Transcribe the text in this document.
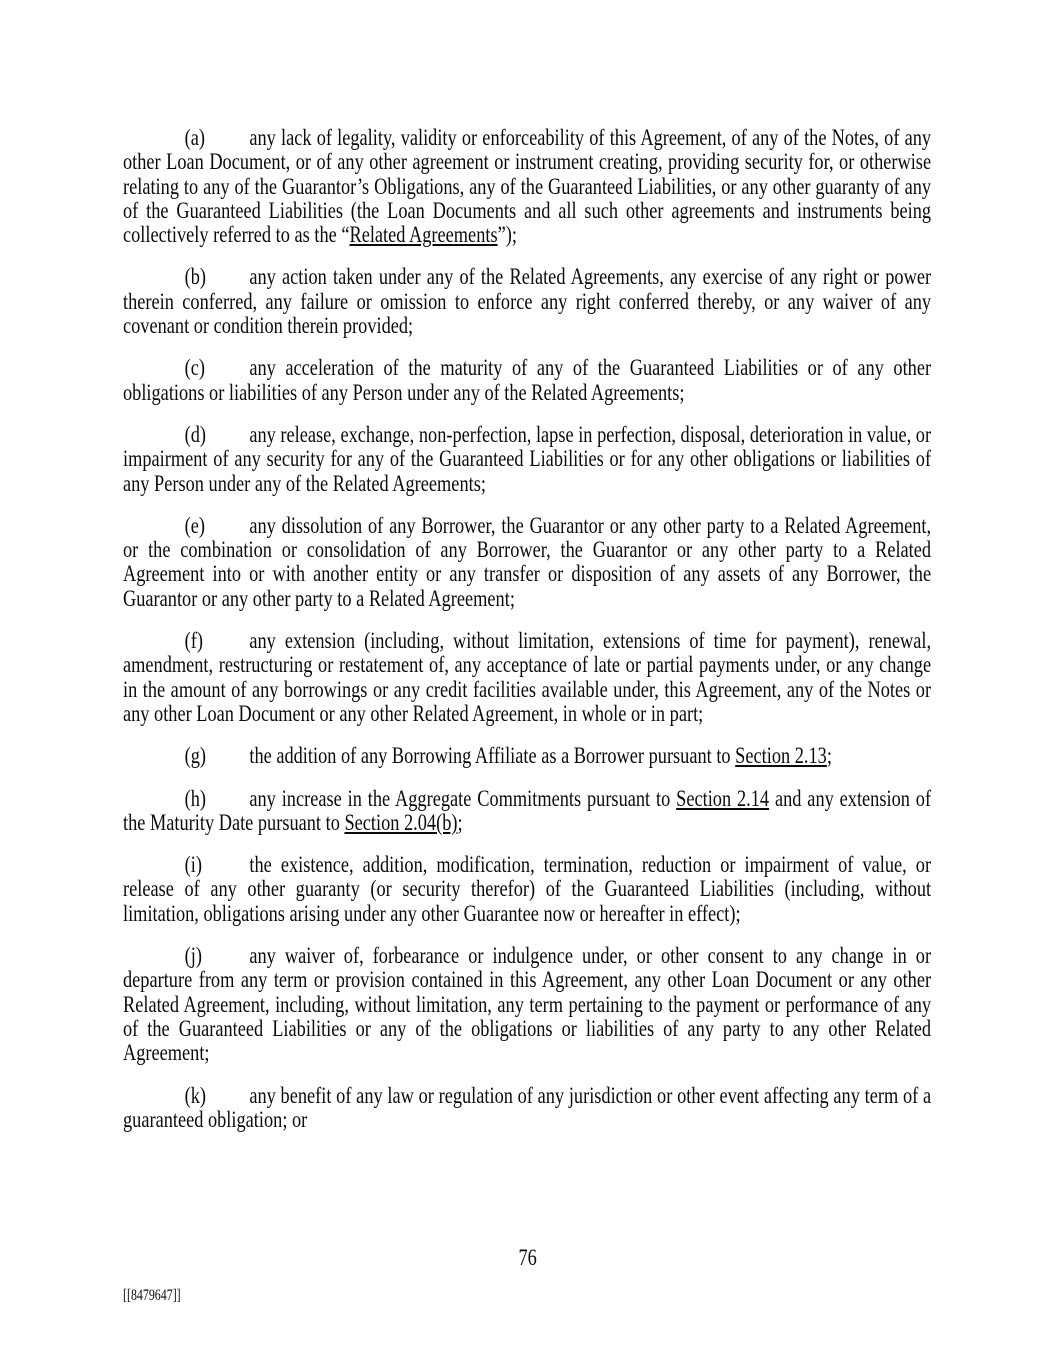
(a) any lack of legality, validity or enforceability of this Agreement, of any of the Notes, of any other Loan Document, or of any other agreement or instrument creating, providing security for, or otherwise relating to any of the Guarantor’s Obligations, any of the Guaranteed Liabilities, or any other guaranty of any of the Guaranteed Liabilities (the Loan Documents and all such other agreements and instruments being collectively referred to as the “Related Agreements”);

(b) any action taken under any of the Related Agreements, any exercise of any right or power therein conferred, any failure or omission to enforce any right conferred thereby, or any waiver of any covenant or condition therein provided;

(c) any acceleration of the maturity of any of the Guaranteed Liabilities or of any other obligations or liabilities of any Person under any of the Related Agreements;

(d) any release, exchange, non-perfection, lapse in perfection, disposal, deterioration in value, or impairment of any security for any of the Guaranteed Liabilities or for any other obligations or liabilities of any Person under any of the Related Agreements;

(e) any dissolution of any Borrower, the Guarantor or any other party to a Related Agreement, or the combination or consolidation of any Borrower, the Guarantor or any other party to a Related Agreement into or with another entity or any transfer or disposition of any assets of any Borrower, the Guarantor or any other party to a Related Agreement;

(f) any extension (including, without limitation, extensions of time for payment), renewal, amendment, restructuring or restatement of, any acceptance of late or partial payments under, or any change in the amount of any borrowings or any credit facilities available under, this Agreement, any of the Notes or any other Loan Document or any other Related Agreement, in whole or in part;

(g) the addition of any Borrowing Affiliate as a Borrower pursuant to Section 2.13;

(h) any increase in the Aggregate Commitments pursuant to Section 2.14 and any extension of the Maturity Date pursuant to Section 2.04(b);

(i) the existence, addition, modification, termination, reduction or impairment of value, or release of any other guaranty (or security therefor) of the Guaranteed Liabilities (including, without limitation, obligations arising under any other Guarantee now or hereafter in effect);

(j) any waiver of, forbearance or indulgence under, or other consent to any change in or departure from any term or provision contained in this Agreement, any other Loan Document or any other Related Agreement, including, without limitation, any term pertaining to the payment or performance of any of the Guaranteed Liabilities or any of the obligations or liabilities of any party to any other Related Agreement;

(k) any benefit of any law or regulation of any jurisdiction or other event affecting any term of a guaranteed obligation; or

76
[[8479647]]
